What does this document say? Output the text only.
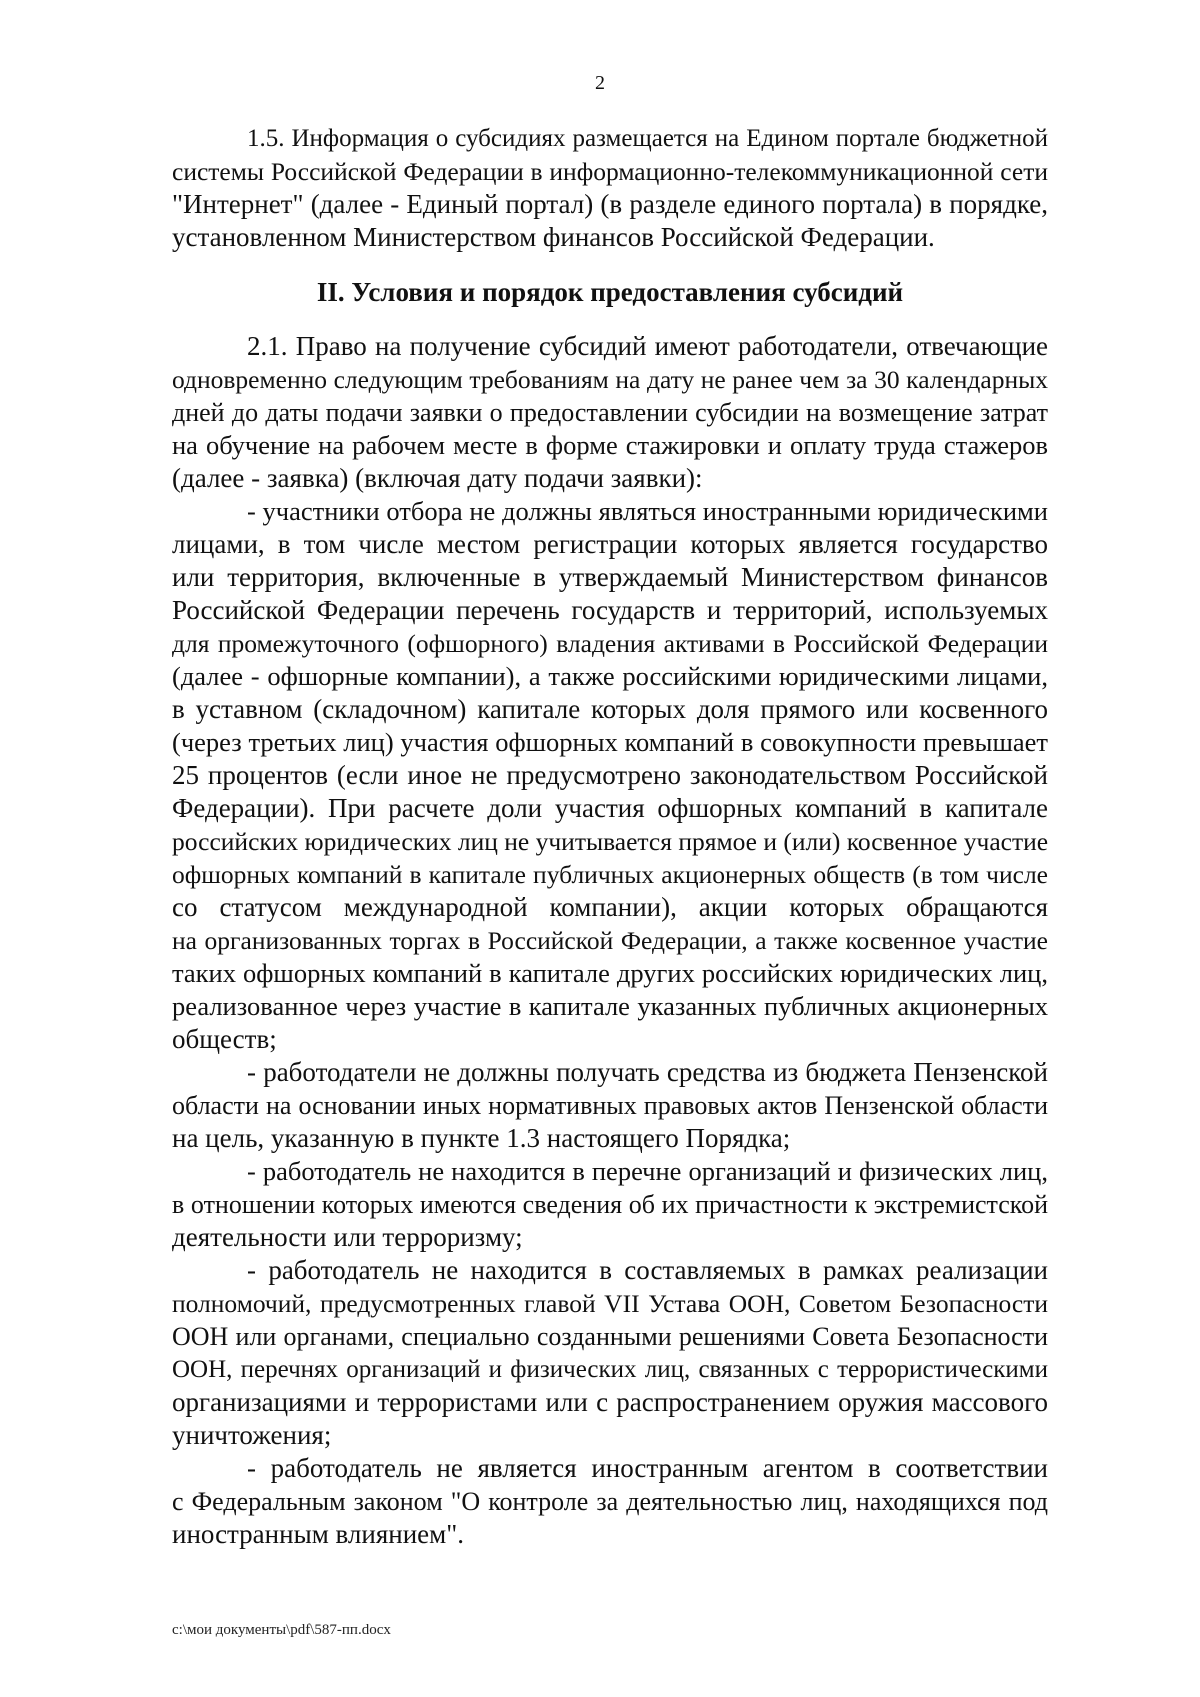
2
1.5. Информация о субсидиях размещается на Едином портале бюджетной
системы Российской Федерации в информационно-телекоммуникационной сети
"Интернет" (далее - Единый портал) (в разделе единого портала) в порядке,
установленном Министерством финансов Российской Федерации.
II. Условия и порядок предоставления субсидий
2.1. Право на получение субсидий имеют работодатели, отвечающие
одновременно следующим требованиям на дату не ранее чем за 30 календарных
дней до даты подачи заявки о предоставлении субсидии на возмещение затрат
на обучение на рабочем месте в форме стажировки и оплату труда стажеров
(далее - заявка) (включая дату подачи заявки):
- участники отбора не должны являться иностранными юридическими
лицами, в том числе местом регистрации которых является государство
или территория, включенные в утверждаемый Министерством финансов
Российской Федерации перечень государств и территорий, используемых
для промежуточного (офшорного) владения активами в Российской Федерации
(далее - офшорные компании), а также российскими юридическими лицами,
в уставном (складочном) капитале которых доля прямого или косвенного
(через третьих лиц) участия офшорных компаний в совокупности превышает
25 процентов (если иное не предусмотрено законодательством Российской
Федерации). При расчете доли участия офшорных компаний в капитале
российских юридических лиц не учитывается прямое и (или) косвенное участие
офшорных компаний в капитале публичных акционерных обществ (в том числе
со статусом международной компании), акции которых обращаются
на организованных торгах в Российской Федерации, а также косвенное участие
таких офшорных компаний в капитале других российских юридических лиц,
реализованное через участие в капитале указанных публичных акционерных
обществ;
- работодатели не должны получать средства из бюджета Пензенской
области на основании иных нормативных правовых актов Пензенской области
на цель, указанную в пункте 1.3 настоящего Порядка;
- работодатель не находится в перечне организаций и физических лиц,
в отношении которых имеются сведения об их причастности к экстремистской
деятельности или терроризму;
- работодатель не находится в составляемых в рамках реализации
полномочий, предусмотренных главой VII Устава ООН, Советом Безопасности
ООН или органами, специально созданными решениями Совета Безопасности
ООН, перечнях организаций и физических лиц, связанных с террористическими
организациями и террористами или с распространением оружия массового
уничтожения;
- работодатель не является иностранным агентом в соответствии
с Федеральным законом "О контроле за деятельностью лиц, находящихся под
иностранным влиянием".
c:\мои документы\pdf\587-пп.docx
